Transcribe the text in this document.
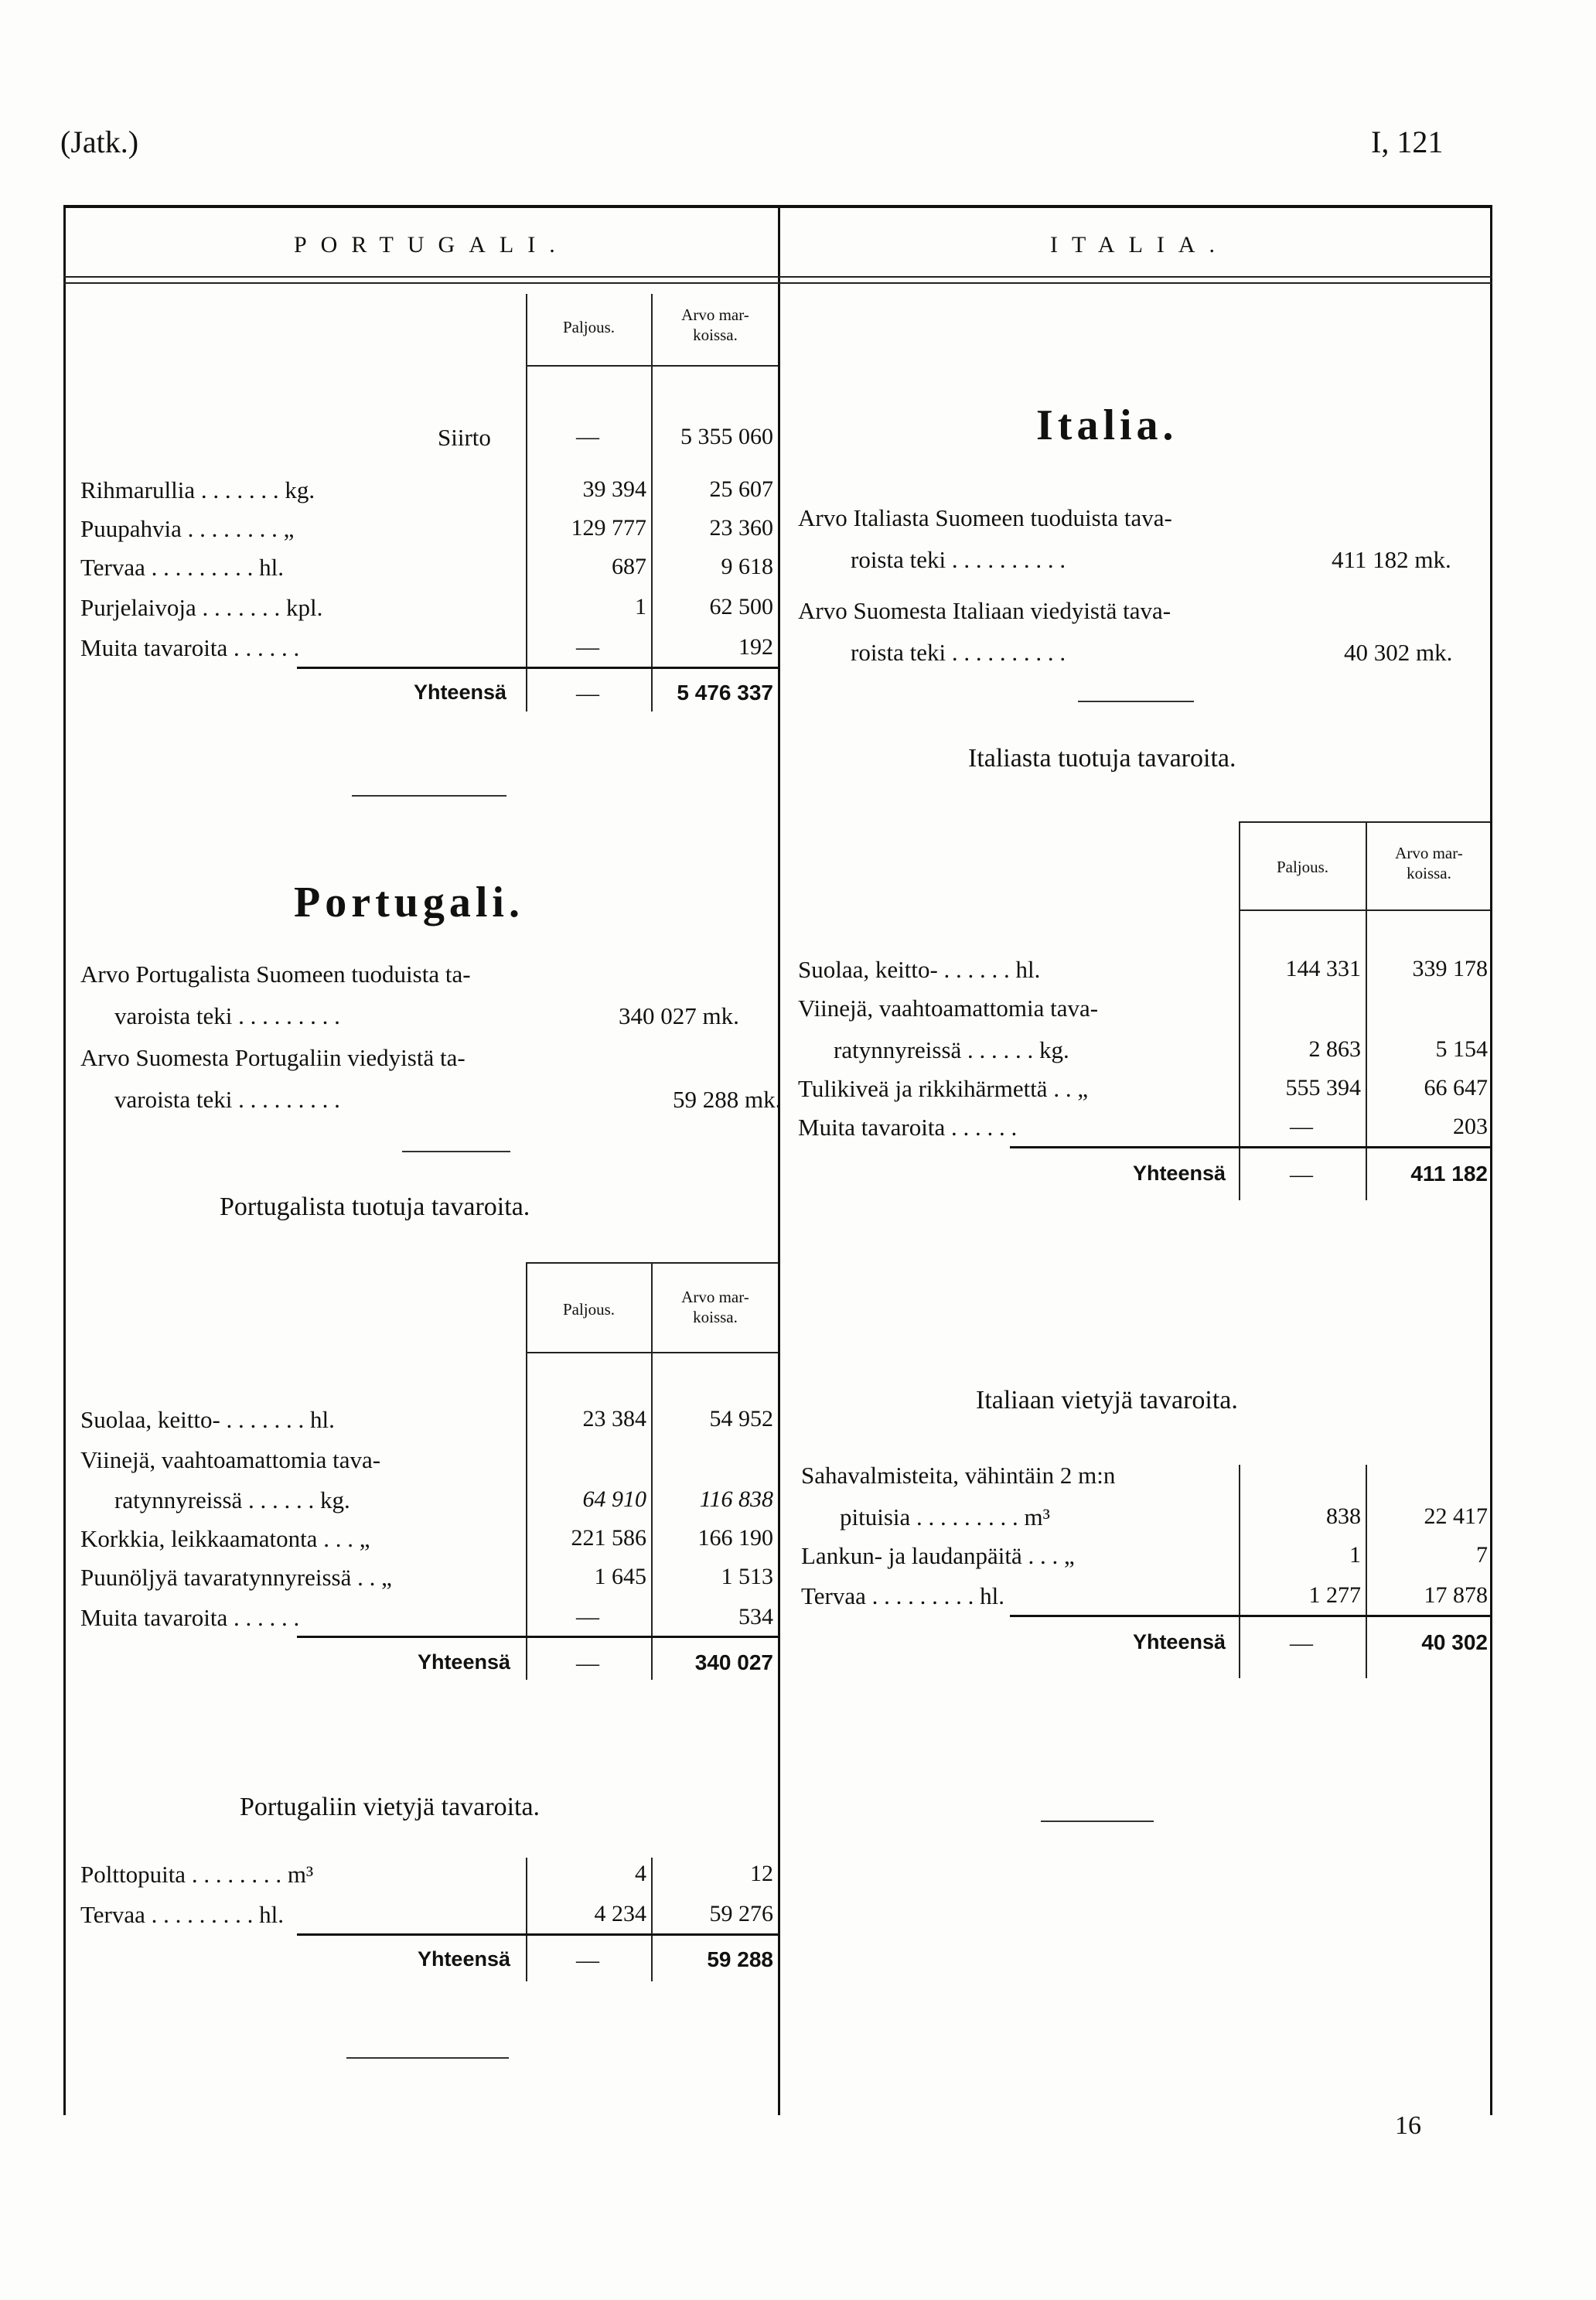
(Jatk.)	I, 121
PORTUGALI.	ITALIA.
Paljous.
Arvo mar-
koissa.
Siirto	—	5 355 060
Rihmarullia . . . . . . . kg.	39 394	25 607
Puupahvia . . . . . . . . „	129 777	23 360
Tervaa . . . . . . . . . hl.	687	9 618
Purjelaivoja . . . . . . . kpl.	1	62 500
Muita tavaroita . . . . . .	—	192
Yhteensä	—	5 476 337
Portugali.
Arvo Portugalista Suomeen tuoduista ta-
varoista teki . . . . . . . . .	340 027 mk.
Arvo Suomesta Portugaliin viedyistä ta-
varoista teki . . . . . . . . .	59 288 mk.
Portugalista tuotuja tavaroita.
Paljous.
Arvo mar-
koissa.
Suolaa, keitto- . . . . . . . hl.	23 384	54 952
Viinejä, vaahtoamattomia tava-
ratynnyreissä . . . . . . kg.	64 910	116 838
Korkkia, leikkaamatonta . . . „	221 586	166 190
Puunöljyä tavaratynnyreissä . . „	1 645	1 513
Muita tavaroita . . . . . .	—	534
Yhteensä	—	340 027
Portugaliin vietyjä tavaroita.
Polttopuita . . . . . . . . m³	4	12
Tervaa . . . . . . . . . hl.	4 234	59 276
Yhteensä	—	59 288
Italia.
Arvo Italiasta Suomeen tuoduista tava-
roista teki . . . . . . . . . .	411 182 mk.
Arvo Suomesta Italiaan viedyistä tava-
roista teki . . . . . . . . . .	40 302 mk.
Italiasta tuotuja tavaroita.
Paljous.
Arvo mar-
koissa.
Suolaa, keitto- . . . . . . hl.	144 331	339 178
Viinejä, vaahtoamattomia tava-
ratynnyreissä . . . . . . kg.	2 863	5 154
Tulikiveä ja rikkihärmettä . . „	555 394	66 647
Muita tavaroita . . . . . .	—	203
Yhteensä	—	411 182
Italiaan vietyjä tavaroita.
Sahavalmisteita, vähintäin 2 m:n
pituisia . . . . . . . . . m³	838	22 417
Lankun- ja laudanpäitä . . . „	1	7
Tervaa . . . . . . . . . hl.	1 277	17 878
Yhteensä	—	40 302
16
